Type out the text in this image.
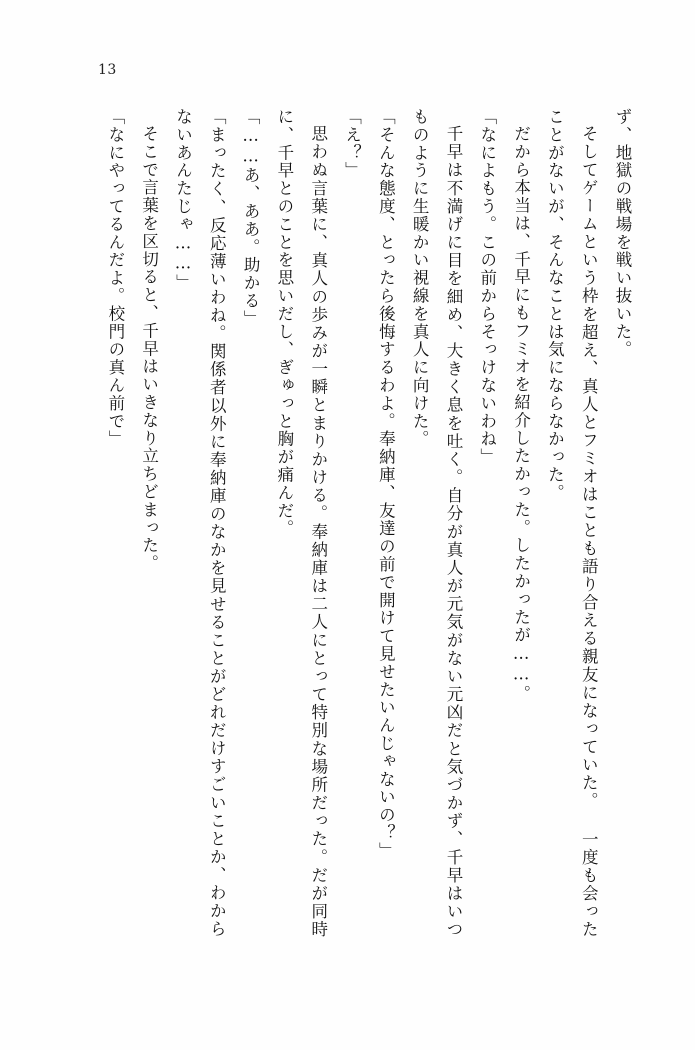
13

ず、地獄の戦場を戦い抜いた。

そしてゲームという枠を超え、真人とフミオはことも語り合える親友になっていた。 一度も会ったことがないが、そんなことは気にならなかった。

だから本当は、千早にもフミオを紹介したかった。したかったが……。

「なによもう。この前からそっけないわね」

千早は不満げに目を細め、大きく息を吐く。自分が真人が元気がない元凶だと気づかず、千早はいつものように生暖かい視線を真人に向けた。

「そんな態度、とったら後悔するわよ。奉納庫、友達の前で開けて見せたいんじゃないの？」

「え？」

思わぬ言葉に、真人の歩みが一瞬とまりかける。奉納庫は二人にとって特別な場所だった。だが同時に、千早とのことを思いだし、ぎゅっと胸が痛んだ。

「……あ、ああ。助かる」

「まったく、反応薄いわね。関係者以外に奉納庫のなかを見せることがどれだけすごいことか、わからないあんたじゃ……」

そこで言葉を区切ると、千早はいきなり立ちどまった。

「なにやってるんだよ。校門の真ん前で」
